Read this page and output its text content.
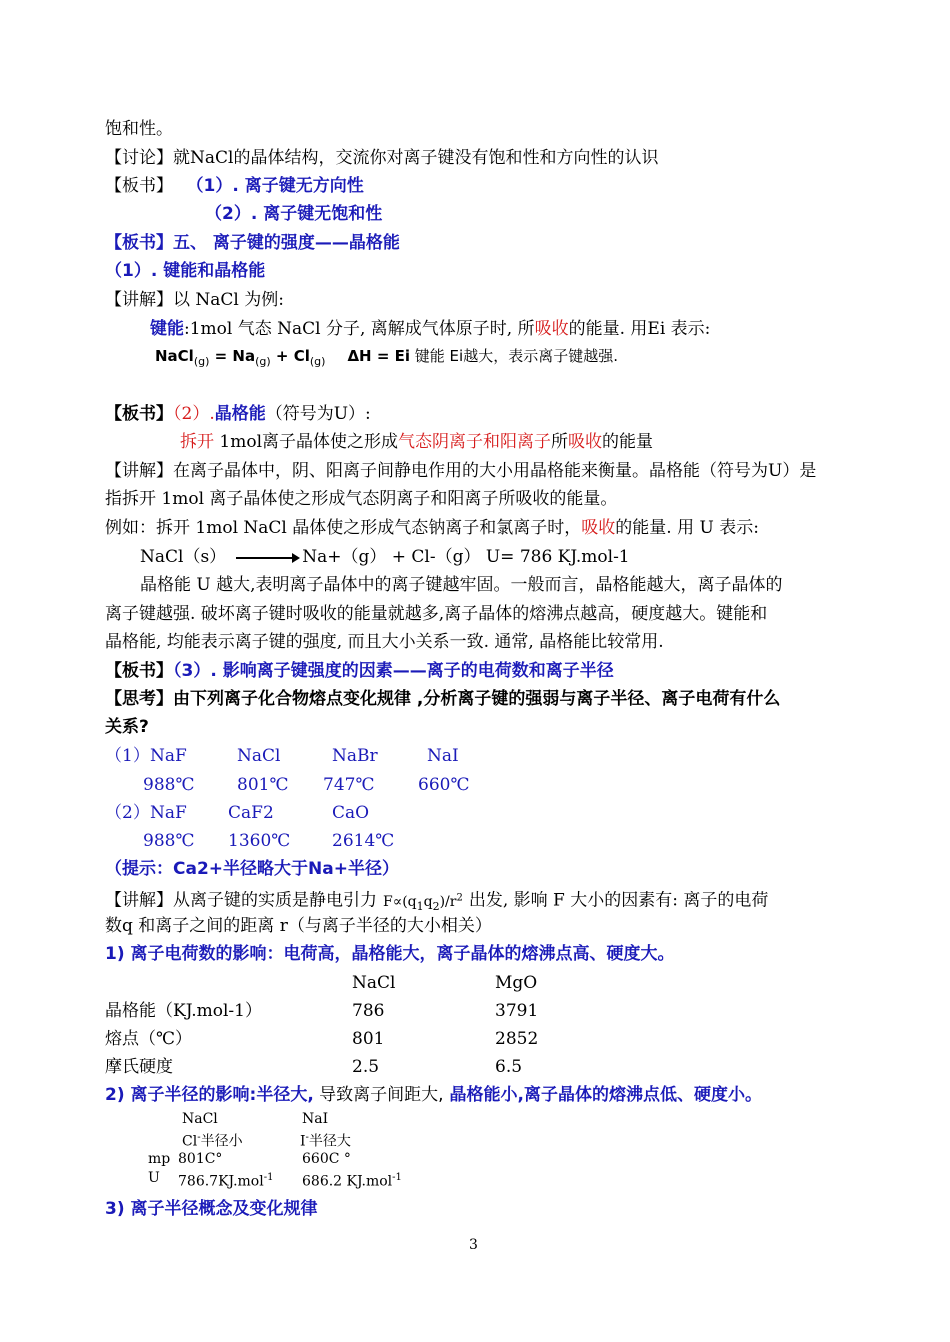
饱和性。
【讨论】就NaCl的晶体结构，交流你对离子键没有饱和性和方向性的认识
【板书】 （1）. 离子键无方向性
（2）. 离子键无饱和性
【板书】五、 离子键的强度——晶格能
（1）. 键能和晶格能
【讲解】以 NaCl 为例:
键能:1mol 气态 NaCl 分子, 离解成气体原子时, 所吸收的能量. 用Ei 表示:
NaCl$_{(g)}$ = $Na_{(g)} + Cl_{(g)}$ ΔH = Ei 键能 Ei越大，表示离子键越强.
【板书】（2）.晶格能（符号为U）:
拆开 1mol离子晶体使之形成气态阴离子和阳离子所吸收的能量
【讲解】在离子晶体中，阴、阳离子间静电作用的大小用晶格能来衡量。晶格能（符号为U）是
指拆开 1mol 离子晶体使之形成气态阴离子和阳离子所吸收的能量。
例如：拆开 1mol NaCl 晶体使之形成气态钠离子和氯离子时，吸收的能量. 用 U 表示:
NaCl（s） → Na+（g） + Cl-（g） U= 786 KJ.mol-1
晶格能 U 越大,表明离子晶体中的离子键越牢固。一般而言，晶格能越大，离子晶体的
离子键越强. 破坏离子键时吸收的能量就越多,离子晶体的熔沸点越高，硬度越大。键能和
晶格能, 均能表示离子键的强度, 而且大小关系一致. 通常, 晶格能比较常用.
【板书】（3）. 影响离子键强度的因素——离子的电荷数和离子半径
【思考】由下列离子化合物熔点变化规律 ,分析离子键的强弱与离子半径、离子电荷有什么
关系?
（1） NaF	NaCl	NaBr	NaI
988℃	801℃ 747℃	660℃
（2） NaF CaF2	CaO
988℃ 1360℃ 2614℃
（提示：Ca2+半径略大于Na+半径）
【讲解】从离子键的实质是静电引力 $F\propto(q_1q_2)/r^2$ 出发, 影响 F 大小的因素有: 离子的电荷
数q 和离子之间的距离 r（与离子半径的大小相关）
1) 离子电荷数的影响：电荷高，晶格能大，离子晶体的熔沸点高、硬度大。
NaCl	MgO
晶格能（KJ.mol-1）	786	3791
熔点（℃）	801	2852
摩氏硬度	2.5	6.5
2) 离子半径的影响:半径大, 导致离子间距大, 晶格能小,离子晶体的熔沸点低、硬度小。
NaCl	NaI
Cl-半径小	I-半径大
mp 801C°	660C °
U 786.7KJ.mol$^{-1}$ 686.2 KJ.mol$^{-1}$
3) 离子半径概念及变化规律
3
